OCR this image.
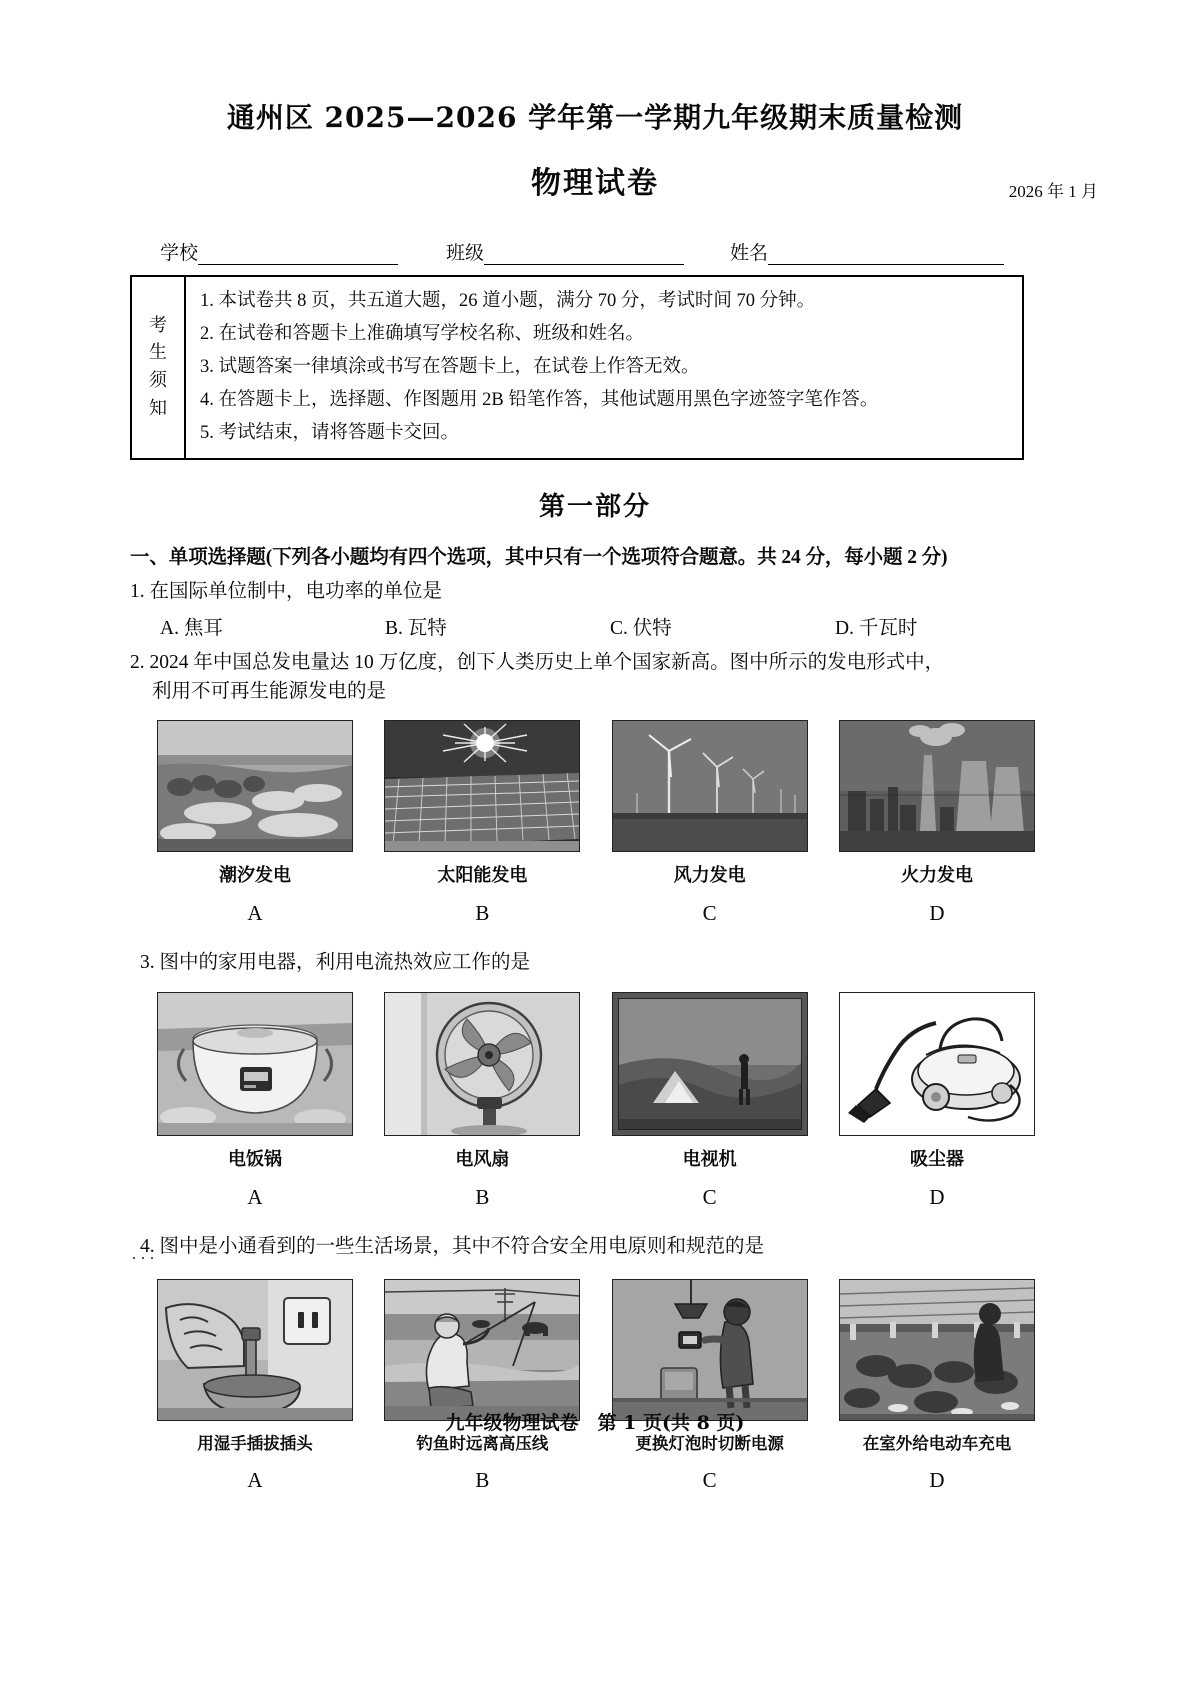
通州区 2025—2026 学年第一学期九年级期末质量检测
物理试卷	2026 年 1 月
学校	班级	姓名
考
生
须
知
1. 本试卷共 8 页，共五道大题，26 道小题，满分 70 分，考试时间 70 分钟。
2. 在试卷和答题卡上准确填写学校名称、班级和姓名。
3. 试题答案一律填涂或书写在答题卡上，在试卷上作答无效。
4. 在答题卡上，选择题、作图题用 2B 铅笔作答，其他试题用黑色字迹签字笔作答。
5. 考试结束，请将答题卡交回。
第一部分
一、单项选择题(下列各小题均有四个选项，其中只有一个选项符合题意。共 24 分，每小题 2 分)
1. 在国际单位制中，电功率的单位是
A. 焦耳	B. 瓦特	C. 伏特	D. 千瓦时
2. 2024 年中国总发电量达 10 万亿度，创下人类历史上单个国家新高。图中所示的发电形式中，
利用不可再生能源发电的是
潮汐发电
A
太阳能发电
B
风力发电
C
火力发电
D
3. 图中的家用电器，利用电流热效应工作的是
电饭锅
A
电风扇
B
电视机
C
吸尘器
D
4. 图中是小通看到的一些生活场景，其中不符合安全用电原则和规范的是 ...
用湿手插拔插头
A
钓鱼时远离高压线
B
更换灯泡时切断电源
C
在室外给电动车充电
D
九年级物理试卷　第 1 页(共 8 页)
